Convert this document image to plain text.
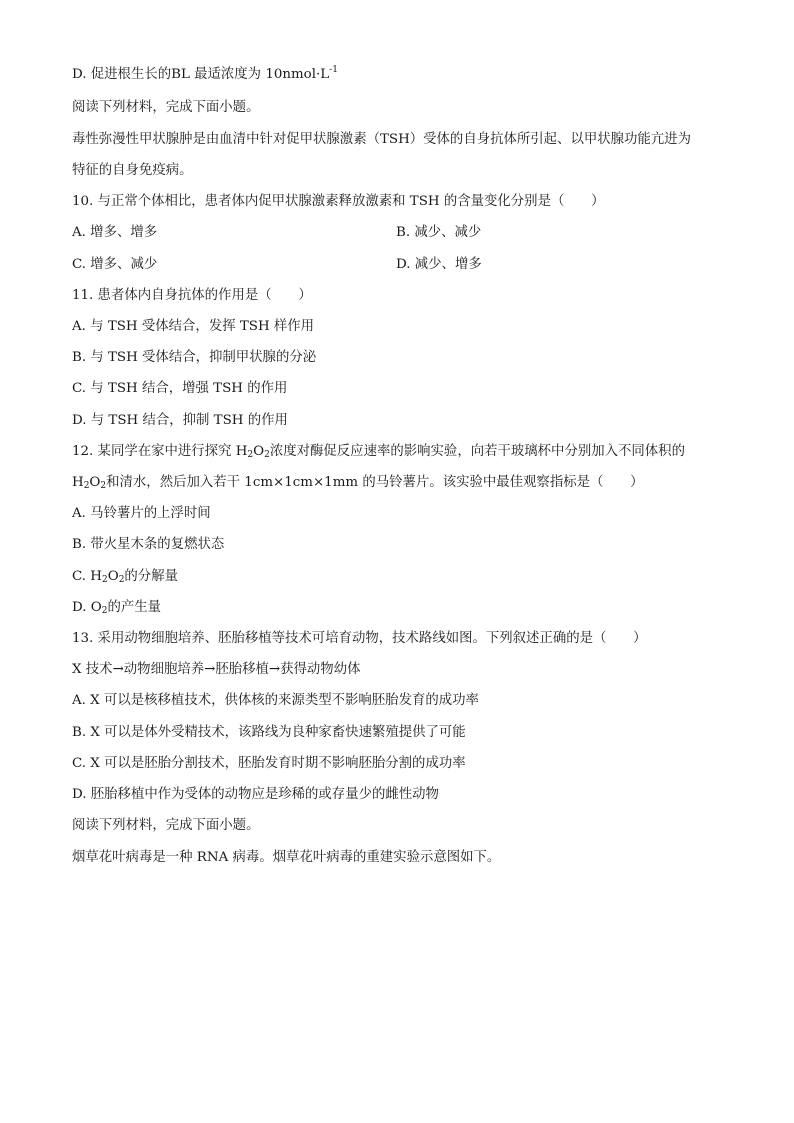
D. 促进根生长的BL 最适浓度为 $10nmol\cdot L^{-1}$
阅读下列材料，完成下面小题。
毒性弥漫性甲状腺肿是由血清中针对促甲状腺激素（TSH）受体的自身抗体所引起、以甲状腺功能亢进为
特征的自身免疫病。
10. 与正常个体相比，患者体内促甲状腺激素释放激素和 TSH 的含量变化分别是（　　）
A. 增多、增多	B. 减少、减少
C. 增多、减少	D. 减少、增多
11. 患者体内自身抗体的作用是（　　）
A. 与 TSH 受体结合，发挥 TSH 样作用
B. 与 TSH 受体结合，抑制甲状腺的分泌
C. 与 TSH 结合，增强 TSH 的作用
D. 与 TSH 结合，抑制 TSH 的作用
12. 某同学在家中进行探究 $H_2O_2$浓度对酶促反应速率的影响实验，向若干玻璃杯中分别加入不同体积的
$H_2O_2$和清水，然后加入若干 1cm×1cm×1mm 的马铃薯片。该实验中最佳观察指标是（　　）
A. 马铃薯片的上浮时间
B. 带火星木条的复燃状态
C. $H_2O_2$的分解量
D. $O_2$的产生量
13. 采用动物细胞培养、胚胎移植等技术可培育动物，技术路线如图。下列叙述正确的是（　　）
X 技术→动物细胞培养→胚胎移植→获得动物幼体
A. X 可以是核移植技术，供体核的来源类型不影响胚胎发育的成功率
B. X 可以是体外受精技术，该路线为良种家畜快速繁殖提供了可能
C. X 可以是胚胎分割技术，胚胎发育时期不影响胚胎分割的成功率
D. 胚胎移植中作为受体的动物应是珍稀的或存量少的雌性动物
阅读下列材料，完成下面小题。
烟草花叶病毒是一种 RNA 病毒。烟草花叶病毒的重建实验示意图如下。
